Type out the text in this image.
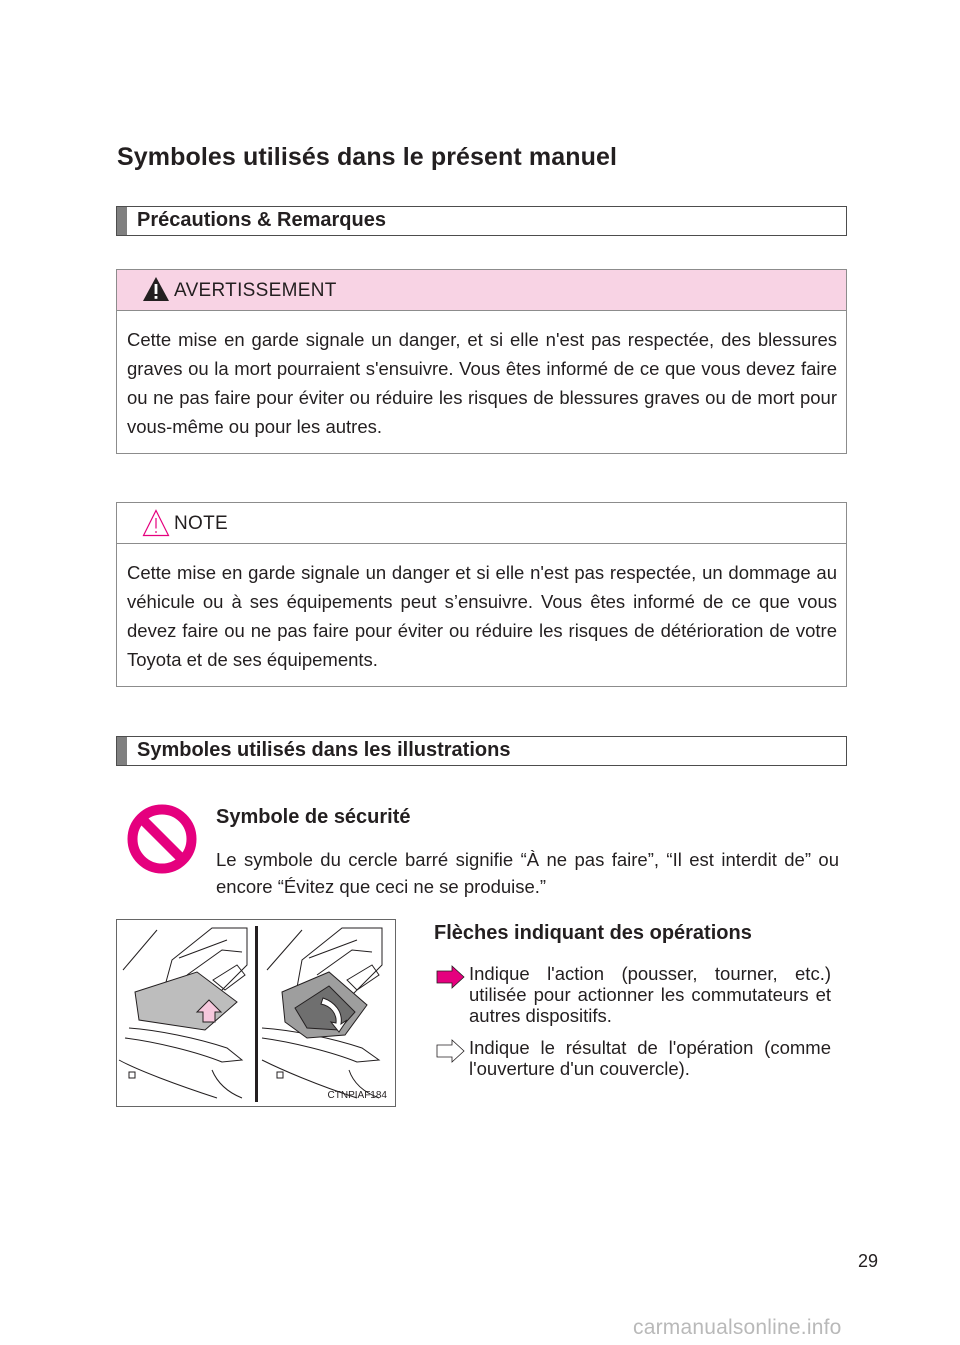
Symboles utilisés dans le présent manuel
Précautions & Remarques
AVERTISSEMENT
Cette mise en garde signale un danger, et si elle n'est pas respectée, des blessures graves ou la mort pourraient s'ensuivre. Vous êtes informé de ce que vous devez faire ou ne pas faire pour éviter ou réduire les risques de blessures graves ou de mort pour vous-même ou pour les autres.
NOTE
Cette mise en garde signale un danger et si elle n'est pas respectée, un dommage au véhicule ou à ses équipements peut s’ensuivre. Vous êtes informé de ce que vous devez faire ou ne pas faire pour éviter ou réduire les risques de détérioration de votre Toyota et de ses équipements.
Symboles utilisés dans les illustrations
Symbole de sécurité
Le symbole du cercle barré signifie “À ne pas faire”, “Il est interdit de” ou encore “Évitez que ceci ne se produise.”
CTNPIAF184
Flèches indiquant des opérations
Indique l'action (pousser, tourner, etc.) utilisée pour actionner les commutateurs et autres dispositifs.
Indique le résultat de l'opération (comme l'ouverture d'un couvercle).
29
carmanualsonline.info
